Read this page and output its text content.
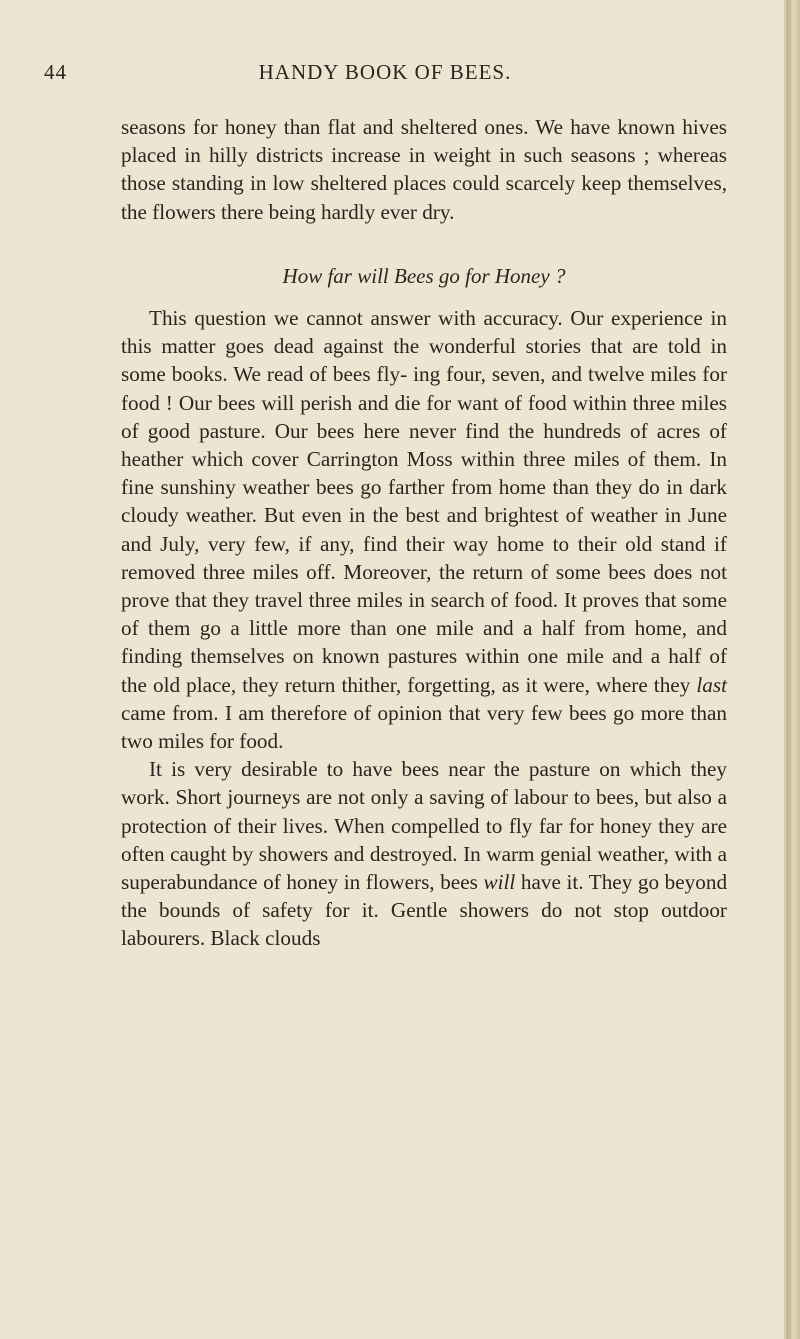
44	HANDY BOOK OF BEES.

seasons for honey than flat and sheltered ones. We have known hives placed in hilly districts increase in weight in such seasons ; whereas those standing in low sheltered places could scarcely keep themselves, the flowers there being hardly ever dry.

How far will Bees go for Honey ?

This question we cannot answer with accuracy. Our experience in this matter goes dead against the wonderful stories that are told in some books. We read of bees fly- ing four, seven, and twelve miles for food ! Our bees will perish and die for want of food within three miles of good pasture. Our bees here never find the hundreds of acres of heather which cover Carrington Moss within three miles of them. In fine sunshiny weather bees go farther from home than they do in dark cloudy weather. But even in the best and brightest of weather in June and July, very few, if any, find their way home to their old stand if removed three miles off. Moreover, the return of some bees does not prove that they travel three miles in search of food. It proves that some of them go a little more than one mile and a half from home, and finding themselves on known pastures within one mile and a half of the old place, they return thither, forgetting, as it were, where they last came from. I am therefore of opinion that very few bees go more than two miles for food.

It is very desirable to have bees near the pasture on which they work. Short journeys are not only a saving of labour to bees, but also a protection of their lives. When compelled to fly far for honey they are often caught by showers and destroyed. In warm genial weather, with a superabundance of honey in flowers, bees will have it. They go beyond the bounds of safety for it. Gentle showers do not stop outdoor labourers. Black clouds
